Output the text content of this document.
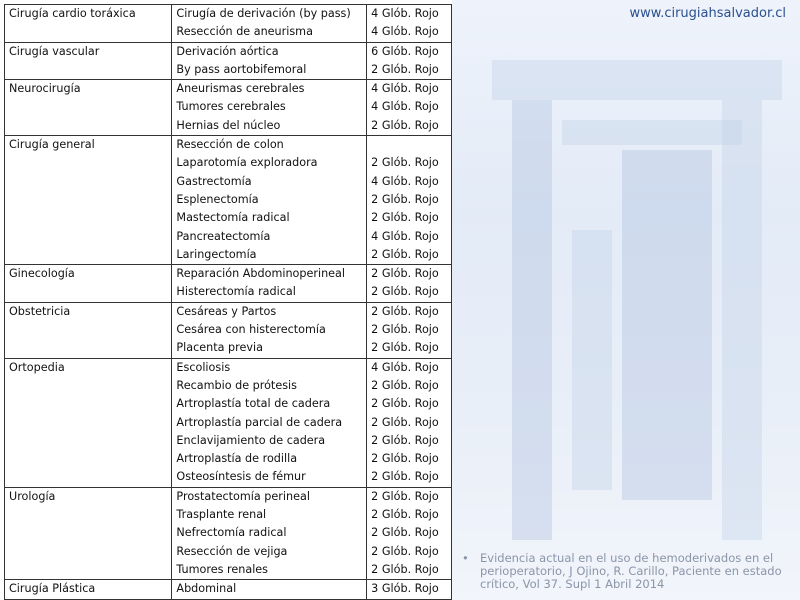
www.cirugiahsalvador.cl
Cirugía cardio toráxica	Cirugía de derivación (by pass)	4 Glób. Rojo
	Resección de aneurisma	4 Glób. Rojo
Cirugía vascular	Derivación aórtica	6 Glób. Rojo
	By pass aortobifemoral	2 Glób. Rojo
Neurocirugía	Aneurismas cerebrales	4 Glób. Rojo
	Tumores cerebrales	4 Glób. Rojo
	Hernias del núcleo	2 Glób. Rojo
Cirugía general	Resección de colon	
	Laparotomía exploradora	2 Glób. Rojo
	Gastrectomía	4 Glób. Rojo
	Esplenectomía	2 Glób. Rojo
	Mastectomía radical	2 Glób. Rojo
	Pancreatectomía	4 Glób. Rojo
	Laringectomía	2 Glób. Rojo
Ginecología	Reparación Abdominoperineal	2 Glób. Rojo
	Histerectomía radical	2 Glób. Rojo
Obstetricia	Cesáreas y Partos	2 Glób. Rojo
	Cesárea con histerectomía	2 Glób. Rojo
	Placenta previa	2 Glób. Rojo
Ortopedia	Escoliosis	4 Glób. Rojo
	Recambio de prótesis	2 Glób. Rojo
	Artroplastía total de cadera	2 Glób. Rojo
	Artroplastía parcial de cadera	2 Glób. Rojo
	Enclavijamiento de cadera	2 Glób. Rojo
	Artroplastía de rodilla	2 Glób. Rojo
	Osteosíntesis de fémur	2 Glób. Rojo
Urología	Prostatectomía perineal	2 Glób. Rojo
	Trasplante renal	2 Glób. Rojo
	Nefrectomía radical	2 Glób. Rojo
	Resección de vejiga	2 Glób. Rojo
	Tumores renales	2 Glób. Rojo
Cirugía Plástica	Abdominal	3 Glób. Rojo
• Evidencia actual en el uso de hemoderivados en el perioperatorio, J Ojino, R. Carillo, Paciente en estado crítico, Vol 37. Supl 1 Abril 2014
